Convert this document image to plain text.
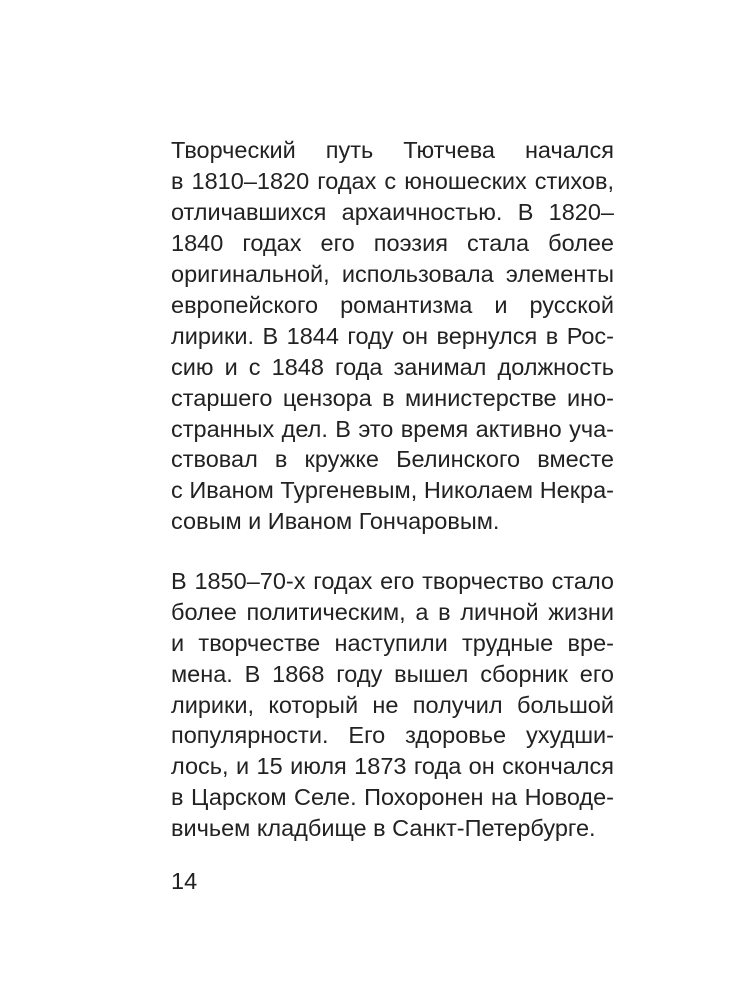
Творческий путь Тютчева начался
в 1810–1820 годах с юношеских стихов,
отличавшихся архаичностью. В 1820–
1840 годах его поэзия стала более
оригинальной, использовала элементы
европейского романтизма и русской
лирики. В 1844 году он вернулся в Рос-
сию и с 1848 года занимал должность
старшего цензора в министерстве ино-
странных дел. В это время активно уча-
ствовал в кружке Белинского вместе
с Иваном Тургеневым, Николаем Некра-
совым и Иваном Гончаровым.
В 1850–70-х годах его творчество стало
более политическим, а в личной жизни
и творчестве наступили трудные вре-
мена. В 1868 году вышел сборник его
лирики, который не получил большой
популярности. Его здоровье ухудши-
лось, и 15 июля 1873 года он скончался
в Царском Селе. Похоронен на Новоде-
вичьем кладбище в Санкт-Петербурге.
14
